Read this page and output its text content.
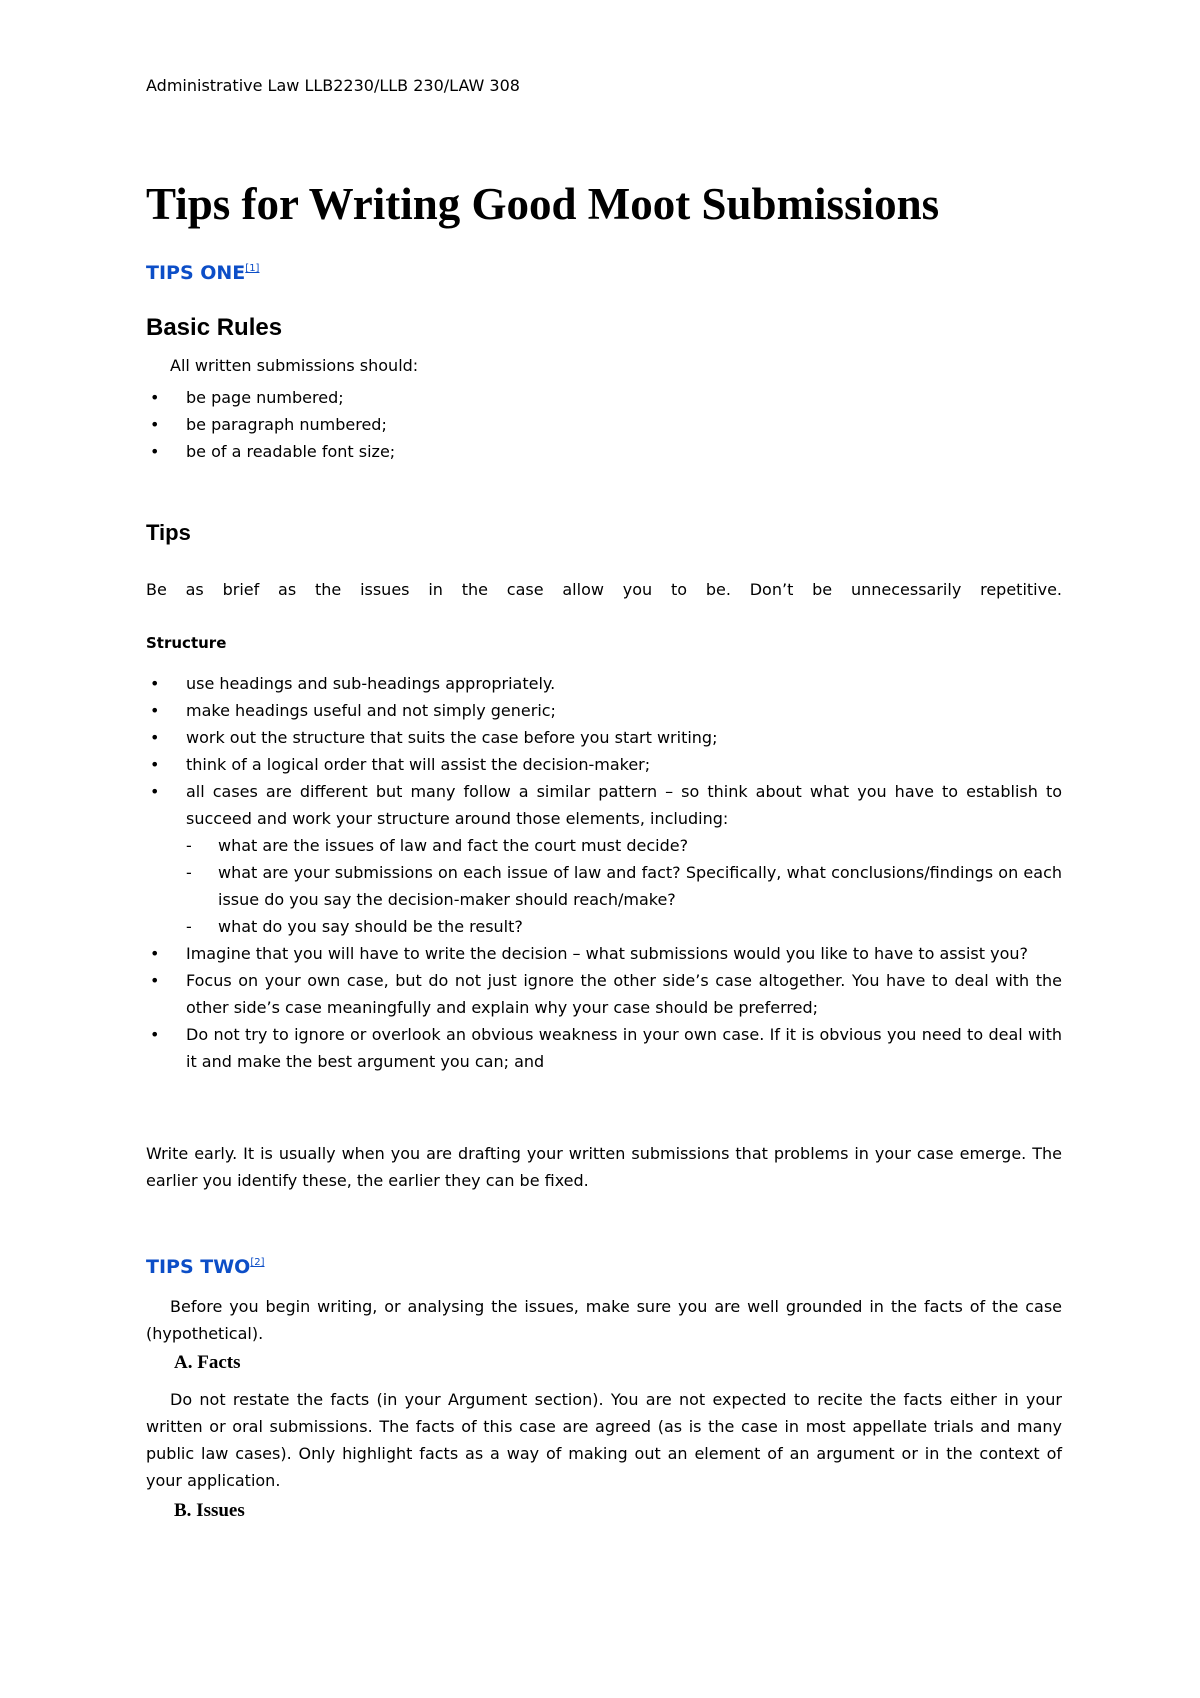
Administrative Law LLB2230/LLB 230/LAW 308
Tips for Writing Good Moot Submissions
TIPS ONE[1]
Basic Rules
All written submissions should:
• be page numbered;
• be paragraph numbered;
• be of a readable font size;
Tips

Be as brief as the issues in the case allow you to be. Don’t be unnecessarily repetitive.

Structure
• use headings and sub-headings appropriately.
• make headings useful and not simply generic;
• work out the structure that suits the case before you start writing;
• think of a logical order that will assist the decision-maker;
• all cases are different but many follow a similar pattern – so think about what you have to establish to succeed and work your structure around those elements, including:
- what are the issues of law and fact the court must decide?
- what are your submissions on each issue of law and fact? Specifically, what conclusions/findings on each issue do you say the decision-maker should reach/make?
- what do you say should be the result?
• Imagine that you will have to write the decision – what submissions would you like to have to assist you?
• Focus on your own case, but do not just ignore the other side’s case altogether. You have to deal with the other side’s case meaningfully and explain why your case should be preferred;
• Do not try to ignore or overlook an obvious weakness in your own case. If it is obvious you need to deal with it and make the best argument you can; and

Write early. It is usually when you are drafting your written submissions that problems in your case emerge. The earlier you identify these, the earlier they can be fixed.

TIPS TWO[2]

Before you begin writing, or analysing the issues, make sure you are well grounded in the facts of the case (hypothetical).

A. Facts

Do not restate the facts (in your Argument section). You are not expected to recite the facts either in your written or oral submissions. The facts of this case are agreed (as is the case in most appellate trials and many public law cases). Only highlight facts as a way of making out an element of an argument or in the context of your application.

B. Issues
